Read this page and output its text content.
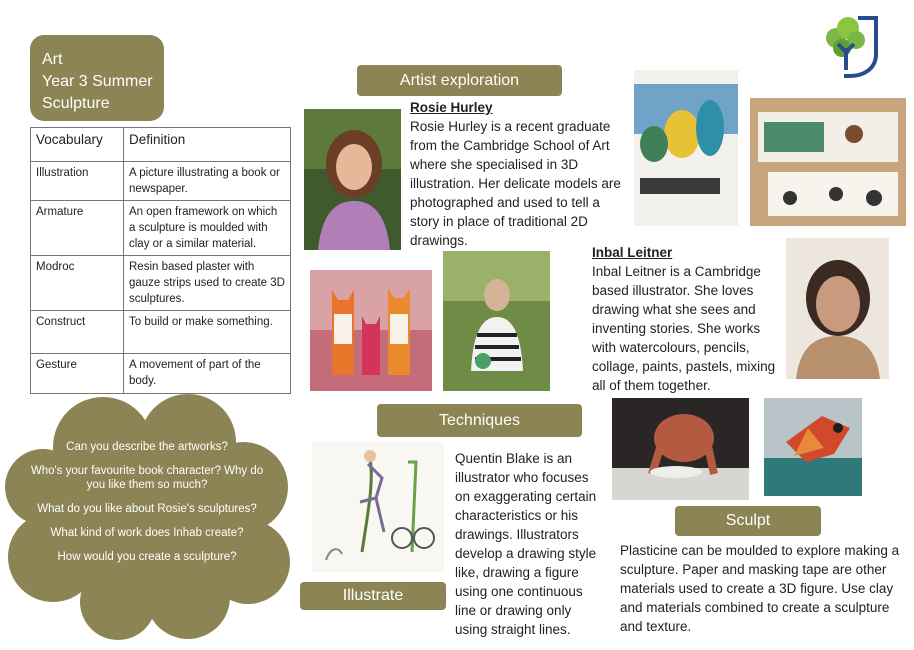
Art
Year 3 Summer
Sculpture
Vocabulary	Definition
Illustration	A picture illustrating a book or newspaper.
Armature	An open framework on which a sculpture is moulded with clay or a similar material.
Modroc	Resin based plaster with gauze strips used to create 3D sculptures.
Construct	To build or make something.
Gesture	A movement of part of the body.

Can you describe the artworks?

Who's your favourite book character? Why do you like them so much?

What do you like about Rosie's sculptures?

What kind of work does Inhab create?

How would you create a sculpture?

Artist exploration
Rosie Hurley
Rosie Hurley is a recent graduate from the Cambridge School of Art where she specialised in 3D illustration. Her delicate models are photographed and used to tell a story in place of traditional 2D drawings.
Inbal Leitner
Inbal Leitner is a Cambridge based illustrator. She loves drawing what she sees and inventing stories. She works with watercolours, pencils, collage, paints, pastels, mixing all of them together.
Techniques
Illustrate
Quentin Blake is an illustrator who focuses on exaggerating certain characteristics or his drawings. Illustrators develop a drawing style like, drawing a figure using one continuous line or drawing only using straight lines.
Sculpt
Plasticine can be moulded to explore making a sculpture. Paper and masking tape are other materials used to create a 3D figure. Use clay and materials combined to create a sculpture and texture.
